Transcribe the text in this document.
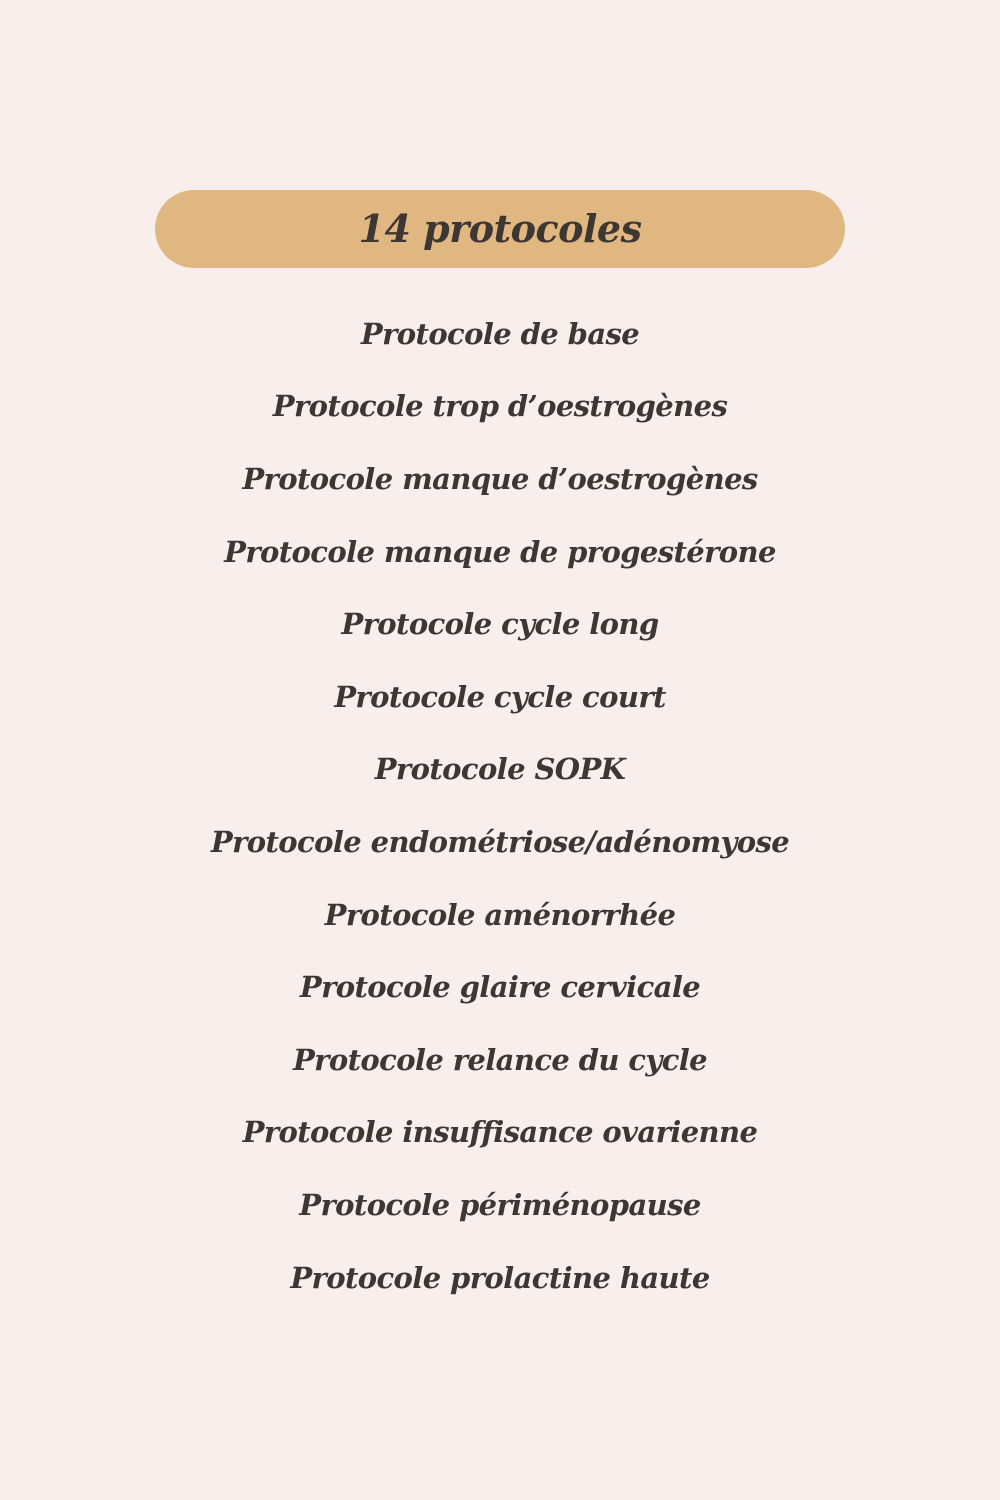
14 protocoles
Protocole de base
Protocole trop d’oestrogènes
Protocole manque d’oestrogènes
Protocole manque de progestérone
Protocole cycle long
Protocole cycle court
Protocole SOPK
Protocole endométriose/adénomyose
Protocole aménorrhée
Protocole glaire cervicale
Protocole relance du cycle
Protocole insuffisance ovarienne
Protocole périménopause
Protocole prolactine haute
